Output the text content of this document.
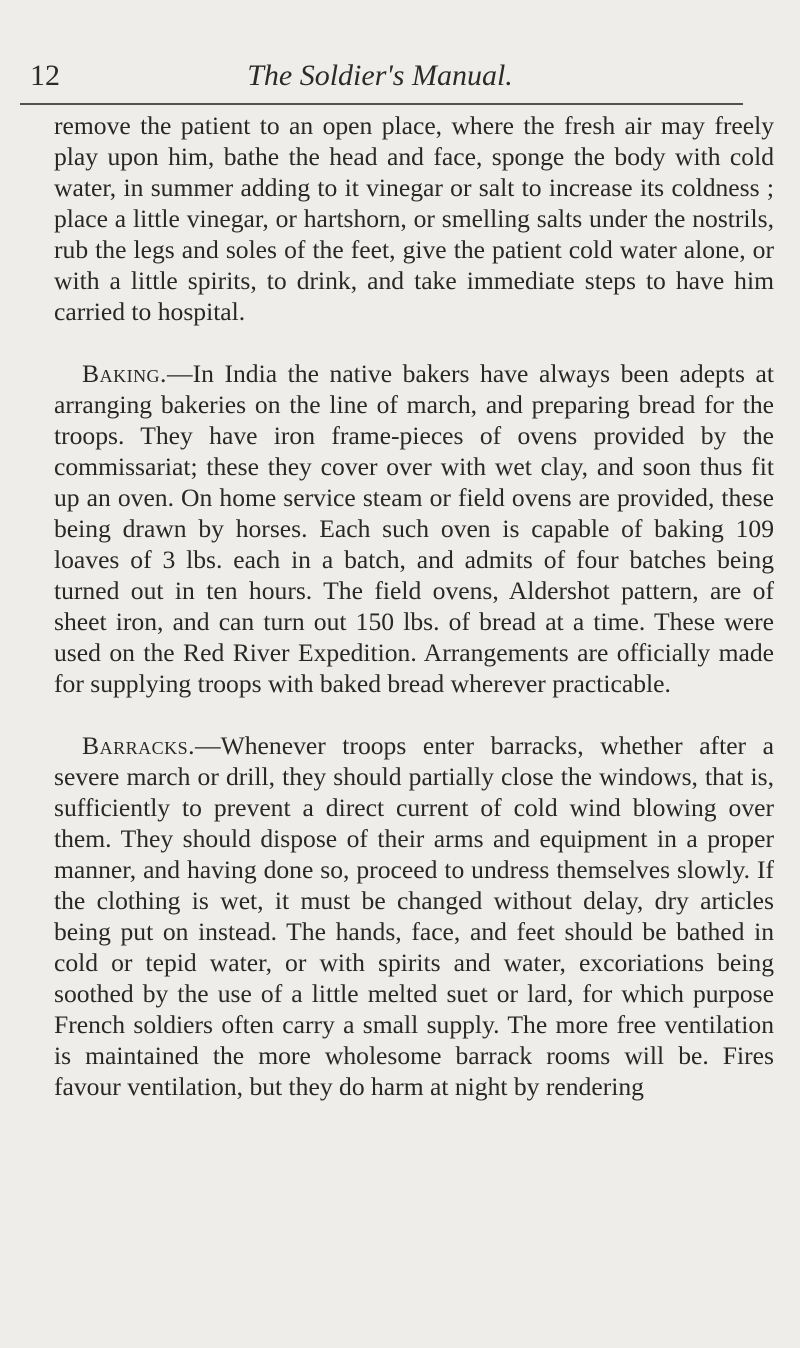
12	The Soldier's Manual.

remove the patient to an open place, where the fresh air may freely play upon him, bathe the head and face, sponge the body with cold water, in summer adding to it vinegar or salt to increase its coldness ; place a little vinegar, or hartshorn, or smelling salts under the nostrils, rub the legs and soles of the feet, give the patient cold water alone, or with a little spirits, to drink, and take immediate steps to have him carried to hospital.

Baking.—In India the native bakers have always been adepts at arranging bakeries on the line of march, and preparing bread for the troops. They have iron frame-pieces of ovens provided by the commissariat; these they cover over with wet clay, and soon thus fit up an oven. On home service steam or field ovens are provided, these being drawn by horses. Each such oven is capable of baking 109 loaves of 3 lbs. each in a batch, and admits of four batches being turned out in ten hours. The field ovens, Aldershot pattern, are of sheet iron, and can turn out 150 lbs. of bread at a time. These were used on the Red River Expedition. Arrangements are officially made for supplying troops with baked bread wherever practicable.

Barracks.—Whenever troops enter barracks, whether after a severe march or drill, they should partially close the windows, that is, sufficiently to prevent a direct current of cold wind blowing over them. They should dispose of their arms and equipment in a proper manner, and having done so, proceed to undress themselves slowly. If the clothing is wet, it must be changed without delay, dry articles being put on instead. The hands, face, and feet should be bathed in cold or tepid water, or with spirits and water, excoriations being soothed by the use of a little melted suet or lard, for which purpose French soldiers often carry a small supply. The more free ventilation is maintained the more wholesome barrack rooms will be. Fires favour ventilation, but they do harm at night by rendering
